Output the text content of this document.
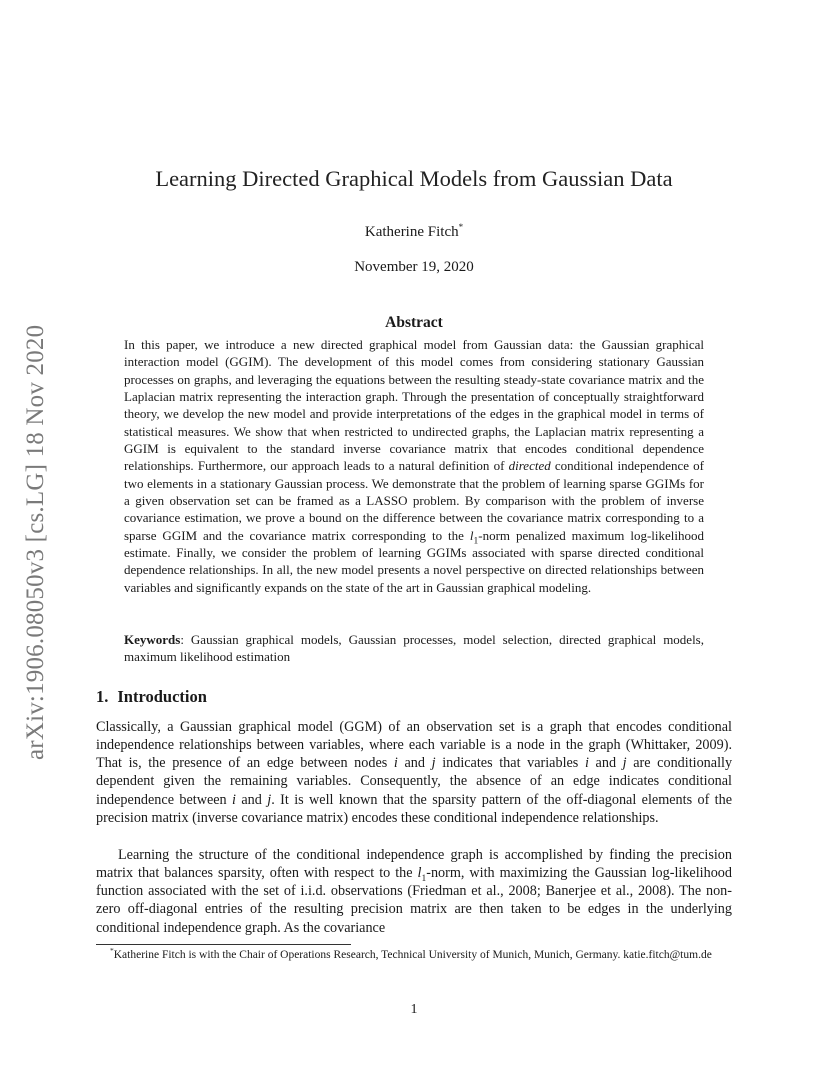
arXiv:1906.08050v3 [cs.LG] 18 Nov 2020
Learning Directed Graphical Models from Gaussian Data
Katherine Fitch*
November 19, 2020
Abstract

In this paper, we introduce a new directed graphical model from Gaussian data: the Gaussian graphical interaction model (GGIM). The development of this model comes from considering stationary Gaussian processes on graphs, and leveraging the equations between the resulting steady-state covariance matrix and the Laplacian matrix representing the interaction graph. Through the presentation of conceptually straightforward theory, we develop the new model and provide interpretations of the edges in the graphical model in terms of statistical measures. We show that when restricted to undirected graphs, the Laplacian matrix representing a GGIM is equivalent to the standard inverse covariance matrix that encodes conditional dependence relationships. Furthermore, our approach leads to a natural definition of directed conditional independence of two elements in a stationary Gaussian process. We demonstrate that the problem of learning sparse GGIMs for a given observation set can be framed as a LASSO problem. By comparison with the problem of inverse covariance estimation, we prove a bound on the difference between the covariance matrix corresponding to a sparse GGIM and the covariance matrix corresponding to the $l_1$-norm penalized maximum log-likelihood estimate. Finally, we consider the problem of learning GGIMs associated with sparse directed conditional dependence relationships. In all, the new model presents a novel perspective on directed relationships between variables and significantly expands on the state of the art in Gaussian graphical modeling.

Keywords: Gaussian graphical models, Gaussian processes, model selection, directed graphical models, maximum likelihood estimation

1. Introduction

Classically, a Gaussian graphical model (GGM) of an observation set is a graph that encodes conditional independence relationships between variables, where each variable is a node in the graph (Whittaker, 2009). That is, the presence of an edge between nodes i and j indicates that variables i and j are conditionally dependent given the remaining variables. Consequently, the absence of an edge indicates conditional independence between i and j. It is well known that the sparsity pattern of the off-diagonal elements of the precision matrix (inverse covariance matrix) encodes these conditional independence relationships.

Learning the structure of the conditional independence graph is accomplished by finding the precision matrix that balances sparsity, often with respect to the $l_1$-norm, with maximizing the Gaussian log-likelihood function associated with the set of i.i.d. observations (Friedman et al., 2008; Banerjee et al., 2008). The non-zero off-diagonal entries of the resulting precision matrix are then taken to be edges in the underlying conditional independence graph. As the covariance

*Katherine Fitch is with the Chair of Operations Research, Technical University of Munich, Munich, Germany. katie.fitch@tum.de

1
